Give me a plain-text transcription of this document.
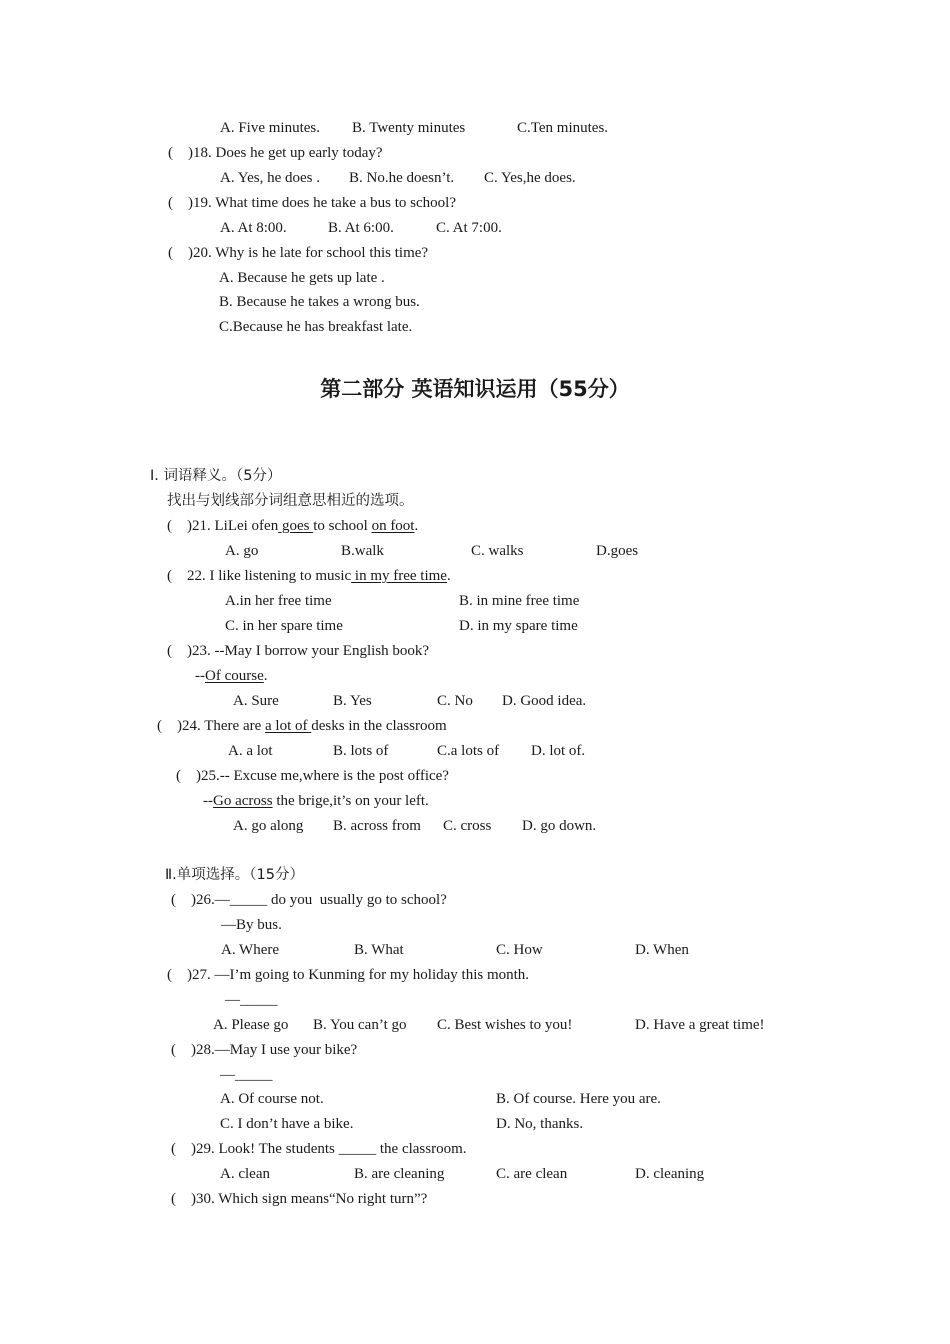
A. Five minutes. B. Twenty minutes	C.Ten minutes.
(    )18. Does he get up early today?
A. Yes, he does . B. No.he doesn’t. C. Yes,he does.
(    )19. What time does he take a bus to school?
A. At 8:00.	B. At 6:00.	C. At 7:00.
(    )20. Why is he late for school this time?
A. Because he gets up late .
B. Because he takes a wrong bus.
C.Because he has breakfast late.
第二部分 英语知识运用（55分）
Ⅰ. 词语释义。（5分）
找出与划线部分词组意思相近的选项。
(    )21. LiLei ofen goes to school on foot.
A. go	B.walk	C. walks	D.goes
(    22. I like listening to music in my free time.
A.in her free time	B. in mine free time
C. in her spare time	D. in my spare time
(    )23. --May I borrow your English book?
--Of course.
A. Sure	B. Yes	C. No D. Good idea.
(    )24. There are a lot of desks in the classroom
A. a lot	B. lots of	C.a lots of D. lot of.
(    )25.-- Excuse me,where is the post office?
--Go across the brige,it’s on your left.
A. go along B. across from C. cross D. go down.
Ⅱ.单项选择。（15分）
(    )26.—_____ do you  usually go to school?
—By bus.
A. Where	B. What	C. How	D. When
(    )27. —I’m going to Kunming for my holiday this month.
—_____
A. Please go B. You can’t go C. Best wishes to you!	D. Have a great time!
(    )28.—May I use your bike?
—_____
A. Of course not.	B. Of course. Here you are.
C. I don’t have a bike.	D. No, thanks.
(    )29. Look! The students _____ the classroom.
A. clean	B. are cleaning	C. are clean	D. cleaning
(    )30. Which sign means“No right turn”?
